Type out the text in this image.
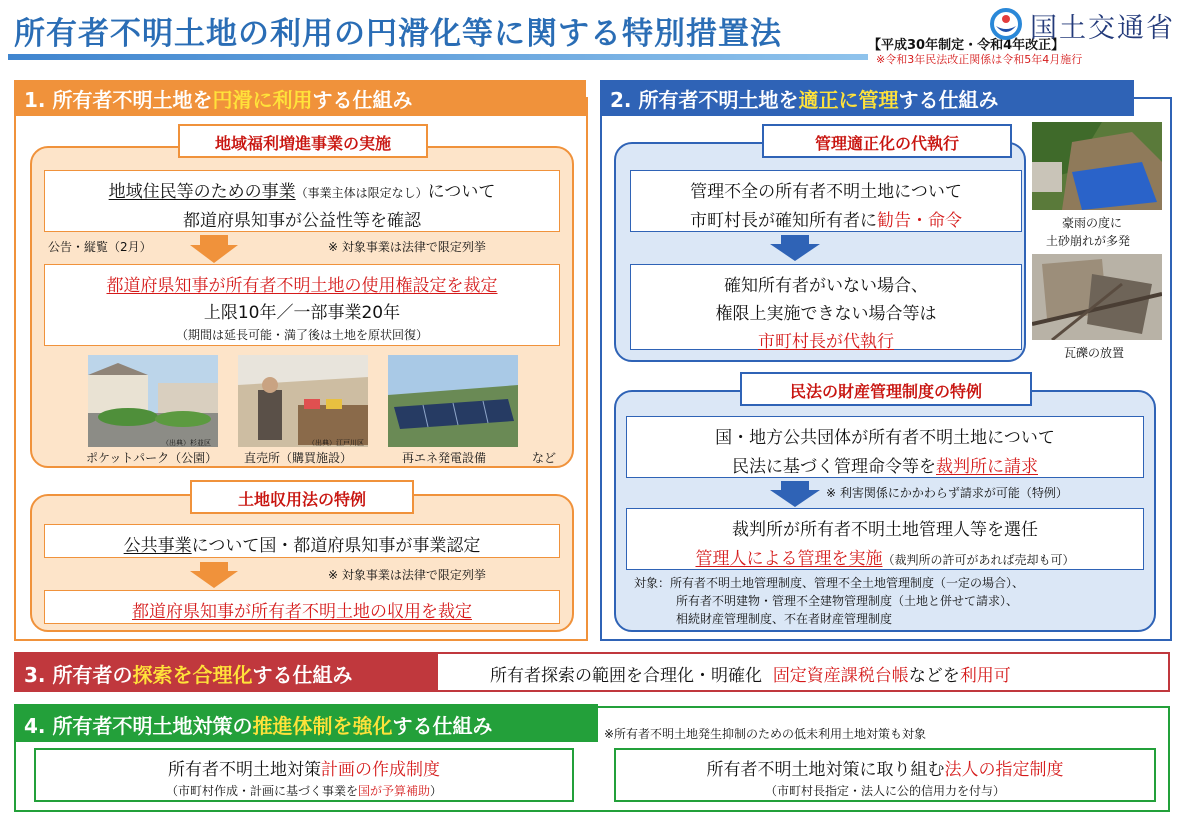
所有者不明土地の利用の円滑化等に関する特別措置法	【平成30年制定・令和4年改正】
※令和3年民法改正関係は令和5年4月施行
国土交通省
1. 所有者不明土地を円滑に利用する仕組み
地域福利増進事業の実施
地域住民等のための事業（事業主体は限定なし）について
都道府県知事が公益性等を確認
公告・縦覧（2月）	※ 対象事業は法律で限定列挙
都道府県知事が所有者不明土地の使用権設定を裁定
上限10年／一部事業20年
（期間は延長可能・満了後は土地を原状回復）
（出典）杉並区	（出典）江戸川区
ポケットパーク（公園） 直売所（購買施設）	再エネ発電設備	など
土地収用法の特例
公共事業について国・都道府県知事が事業認定
※ 対象事業は法律で限定列挙
都道府県知事が所有者不明土地の収用を裁定
2. 所有者不明土地を適正に管理する仕組み
管理適正化の代執行
管理不全の所有者不明土地について
市町村長が確知所有者に勧告・命令
確知所有者がいない場合、
権限上実施できない場合等は
市町村長が代執行
豪雨の度に
土砂崩れが多発
瓦礫の放置
民法の財産管理制度の特例
国・地方公共団体が所有者不明土地について
民法に基づく管理命令等を裁判所に請求
※ 利害関係にかかわらず請求が可能（特例）
裁判所が所有者不明土地管理人等を選任
管理人による管理を実施（裁判所の許可があれば売却も可）
対象：所有者不明土地管理制度、管理不全土地管理制度（一定の場合）、
所有者不明建物・管理不全建物管理制度（土地と併せて請求）、
相続財産管理制度、不在者財産管理制度
3. 所有者の探索を合理化する仕組み	所有者探索の範囲を合理化・明確化 固定資産課税台帳などを利用可
4. 所有者不明土地対策の推進体制を強化する仕組み	※所有者不明土地発生抑制のための低未利用土地対策も対象
所有者不明土地対策計画の作成制度
（市町村作成・計画に基づく事業を国が予算補助）
所有者不明土地対策に取り組む法人の指定制度
（市町村長指定・法人に公的信用力を付与）
